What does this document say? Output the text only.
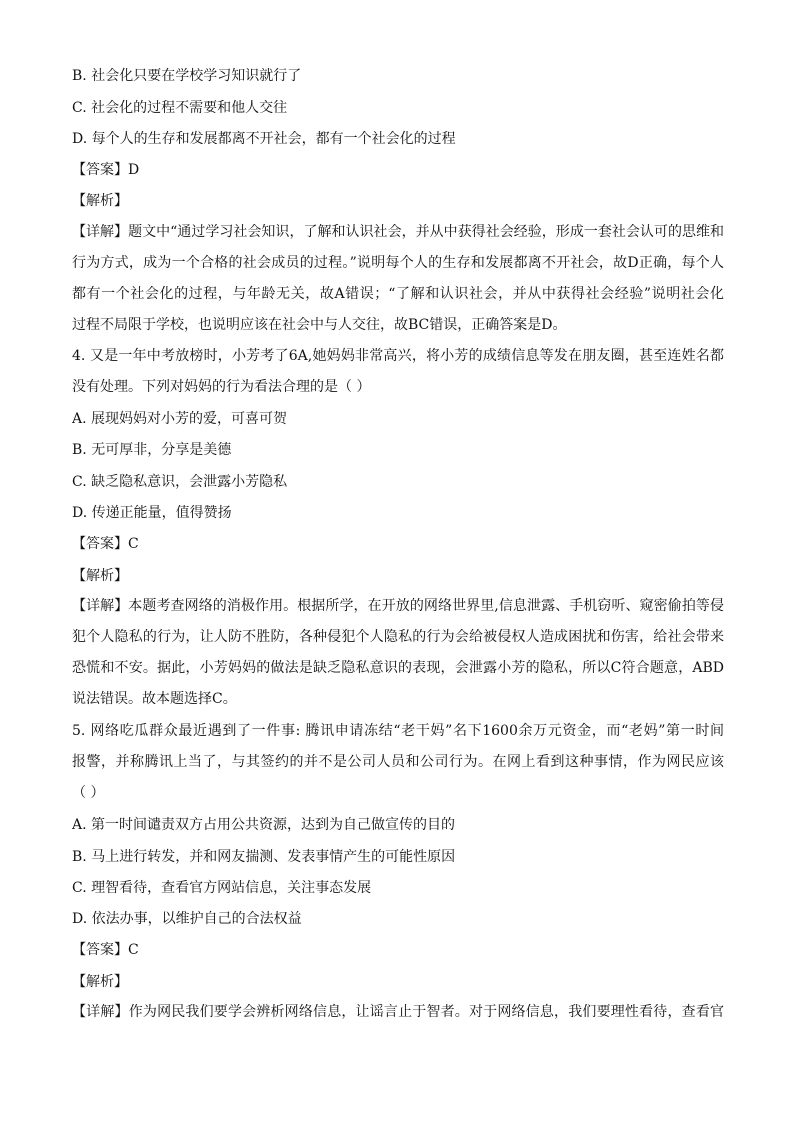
B. 社会化只要在学校学习知识就行了
C. 社会化的过程不需要和他人交往
D. 每个人的生存和发展都离不开社会，都有一个社会化的过程
【答案】D
【解析】
【详解】题文中“通过学习社会知识，了解和认识社会，并从中获得社会经验，形成一套社会认可的思维和
行为方式，成为一个合格的社会成员的过程。”说明每个人的生存和发展都离不开社会，故D正确，每个人
都有一个社会化的过程，与年龄无关，故A错误；“了解和认识社会，并从中获得社会经验”说明社会化
过程不局限于学校，也说明应该在社会中与人交往，故BC错误，正确答案是D。
4. 又是一年中考放榜时，小芳考了6A,她妈妈非常高兴，将小芳的成绩信息等发在朋友圈，甚至连姓名都
没有处理。下列对妈妈的行为看法合理的是（ ）
A. 展现妈妈对小芳的爱，可喜可贺
B. 无可厚非，分享是美德
C. 缺乏隐私意识，会泄露小芳隐私
D. 传递正能量，值得赞扬
【答案】C
【解析】
【详解】本题考查网络的消极作用。根据所学，在开放的网络世界里,信息泄露、手机窃听、窥密偷拍等侵
犯个人隐私的行为，让人防不胜防，各种侵犯个人隐私的行为会给被侵权人造成困扰和伤害，给社会带来
恐慌和不安。据此，小芳妈妈的做法是缺乏隐私意识的表现，会泄露小芳的隐私，所以C符合题意，ABD
说法错误。故本题选择C。
5. 网络吃瓜群众最近遇到了一件事: 腾讯申请冻结“老干妈”名下1600余万元资金，而“老妈”第一时间
报警，并称腾讯上当了，与其签约的并不是公司人员和公司行为。在网上看到这种事情，作为网民应该
（ ）
A. 第一时间谴责双方占用公共资源，达到为自己做宣传的目的
B. 马上进行转发，并和网友揣测、发表事情产生的可能性原因
C. 理智看待，查看官方网站信息，关注事态发展
D. 依法办事，以维护自己的合法权益
【答案】C
【解析】
【详解】作为网民我们要学会辨析网络信息，让谣言止于智者。对于网络信息，我们要理性看待，查看官
